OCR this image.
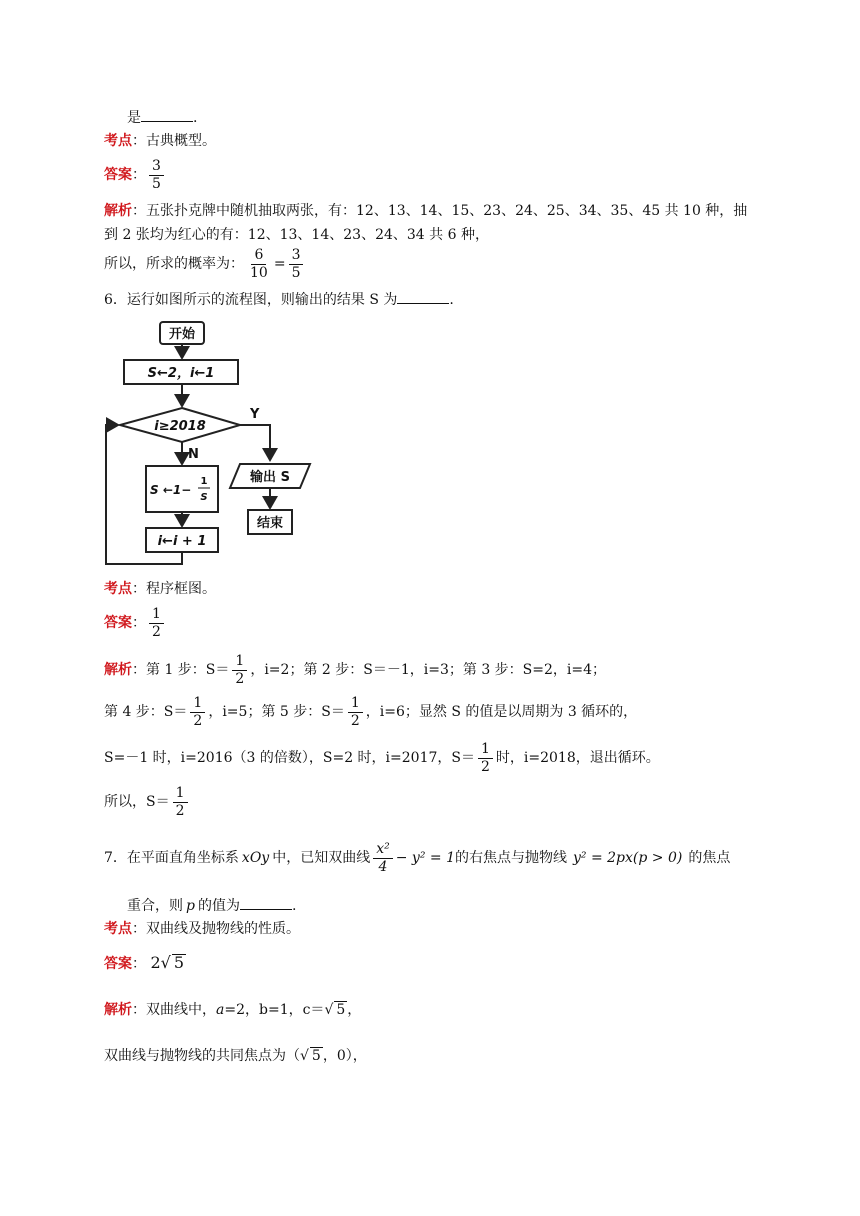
是	.
考点：古典概型。
答案 ： $\frac{3}{5}$
解析：五张扑克牌中随机抽取两张，有：12、13、14、15、23、24、25、34、35、45 共 10 种，抽
到 2 张均为红心的有：12、13、14、23、24、34 共 6 种，
所以，所求的概率为： $\frac{6}{10} = \frac{3}{5}$
6．运行如图所示的流程图，则输出的结果 S 为	.
开始
S←2，i←1
i≥2018
Y
N
S ←1−
1
S
i←i + 1
输出 S
结束
考点：程序框图。
答案 ： $\frac{1}{2}$
解析 ： 第 1 步：$S= \frac{1}{2}$ ，i=2；第 2 步：S＝－1，i=3；第 3 步：S=2，i=4；
第 4 步：$S= \frac{1}{2}$ ，i=5；第 5 步：$S= \frac{1}{2}$ ，i=6；显然 S 的值是以周期为 3 循环的，
S=－1 时，i=2016（3 的倍数），S=2 时，i=2017，$S= \frac{1}{2}$ 时，i=2018，退出循环。
所以，$S= \frac{1}{2}$
7．在平面直角坐标系 xOy 中，已知双曲线 $\frac{\text{x²}}{4} - y^2 = 1$ 的右焦点与抛物线 y² = 2px(p > 0) 的焦点
重合，则 p 的值为	.
考点：双曲线及抛物线的性质。
答案： 2√ 5
解析：双曲线中，a=2，b=1，c＝√ 5 ，
双曲线与抛物线的共同焦点为（√ 5 ，0），
